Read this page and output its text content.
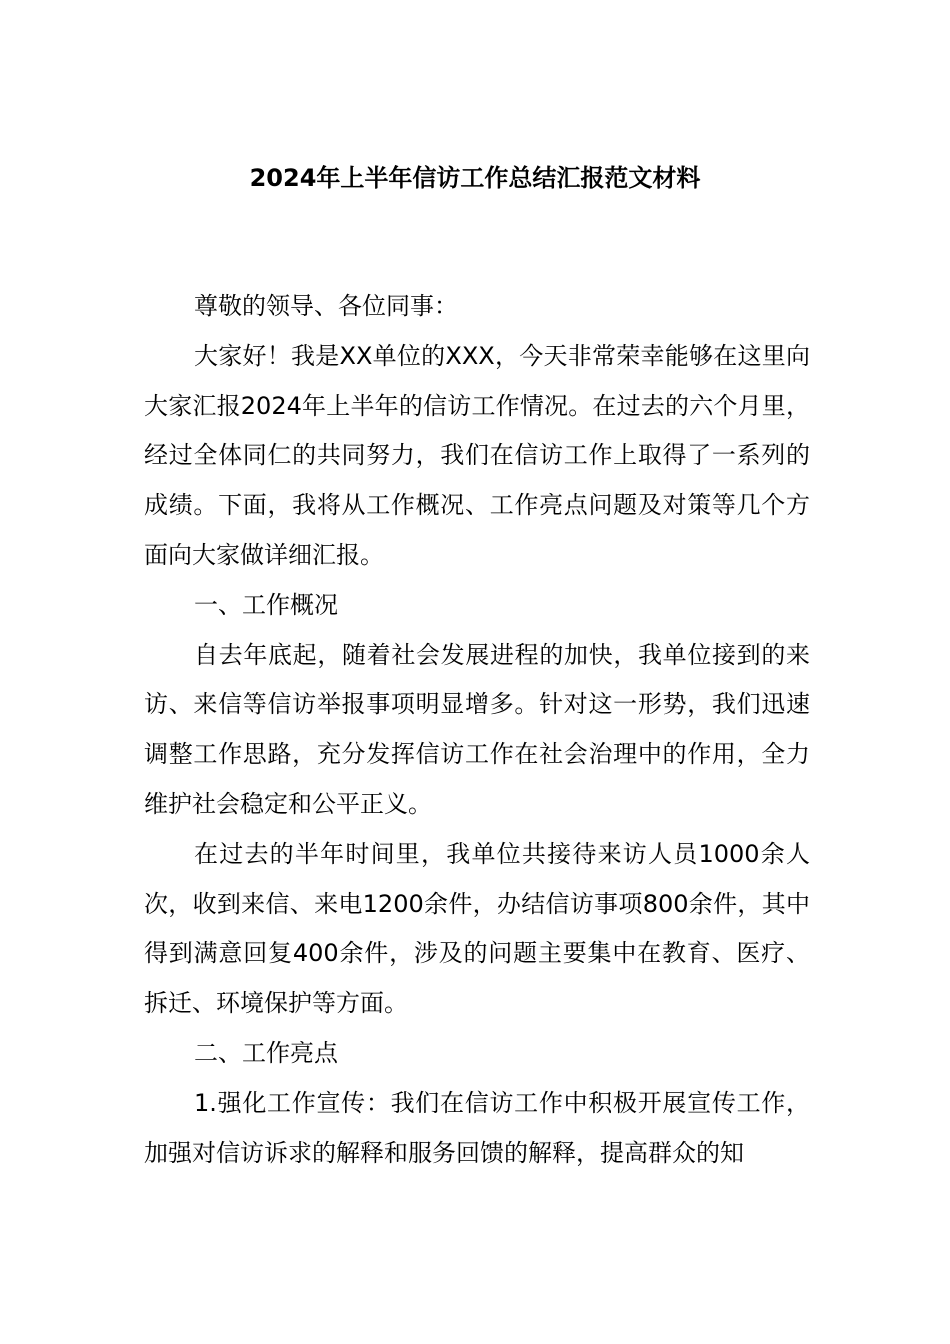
2024年上半年信访工作总结汇报范文材料

尊敬的领导、各位同事：

大家好！我是XX单位的XXX，今天非常荣幸能够在这里向大家汇报2024年上半年的信访工作情况。在过去的六个月里，经过全体同仁的共同努力，我们在信访工作上取得了一系列的成绩。下面，我将从工作概况、工作亮点问题及对策等几个方面向大家做详细汇报。

一、工作概况

自去年底起，随着社会发展进程的加快，我单位接到的来访、来信等信访举报事项明显增多。针对这一形势，我们迅速调整工作思路，充分发挥信访工作在社会治理中的作用，全力维护社会稳定和公平正义。

在过去的半年时间里，我单位共接待来访人员1000余人次，收到来信、来电1200余件，办结信访事项800余件，其中得到满意回复400余件，涉及的问题主要集中在教育、医疗、拆迁、环境保护等方面。

二、工作亮点

1.强化工作宣传：我们在信访工作中积极开展宣传工作，加强对信访诉求的解释和服务回馈的解释，提高群众的知
